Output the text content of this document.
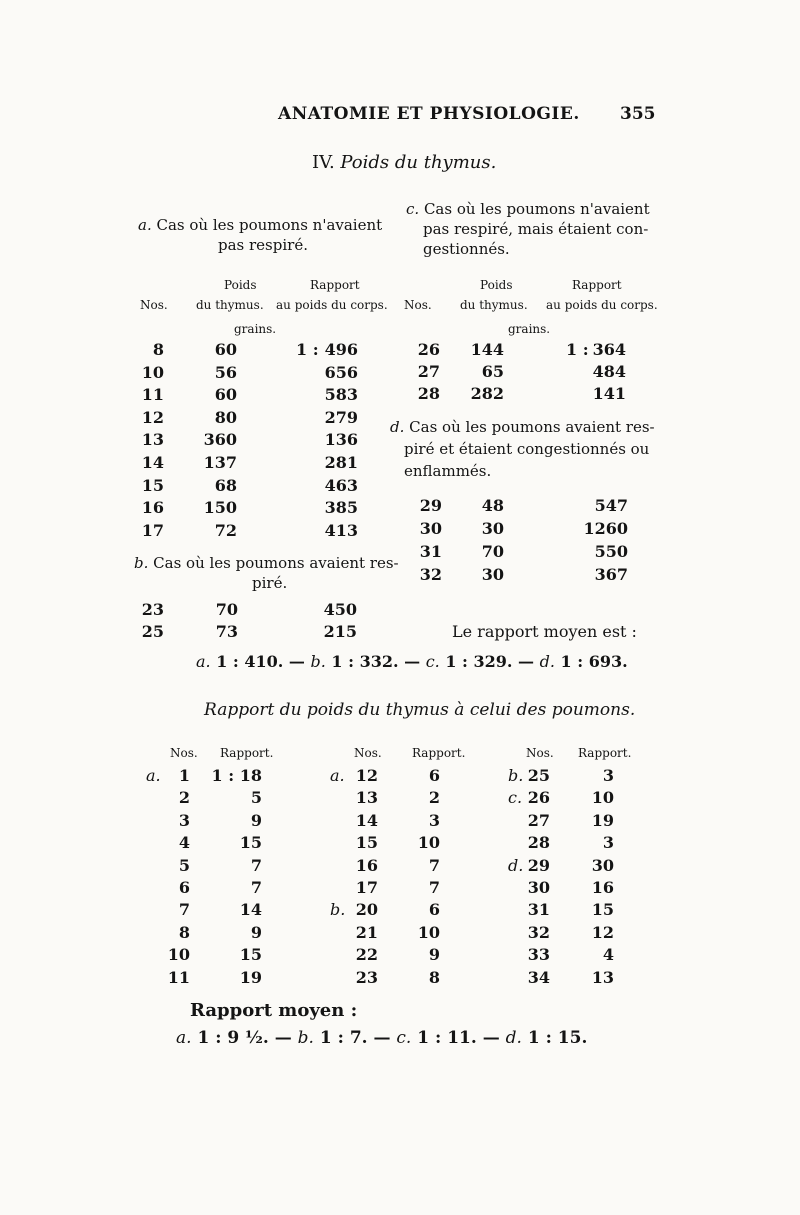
ANATOMIE ET PHYSIOLOGIE. 355
IV. Poids du thymus.
a. Cas où les poumons n'avaient
pas respiré.
Poids	Rapport
Nos. du thymus. au poids du corps.
grains.
1 :
8	60	496
10	56	656
11	60	583
12	80	279
13	360	136
14	137	281
15	68	463
16	150	385
17	72	413
b. Cas où les poumons avaient res-
piré.
23	70	450
25	73	215
c. Cas où les poumons n'avaient
pas respiré, mais étaient con-
gestionnés.
Poids	Rapport
Nos. du thymus. au poids du corps.
grains.
1 :
26	144	364
27	65	484
28	282	141
d. Cas où les poumons avaient res-
piré et étaient congestionnés ou
enflammés.
29	48	547
30	30	1260
31	70	550
32	30	367
Le rapport moyen est :
a. 1 : 410. — b. 1 : 332. — c. 1 : 329. — d. 1 : 693.
Rapport du poids du thymus à celui des poumons.
Nos. Rapport.	Nos.	Rapport.	Nos. Rapport.
a.	1	1 : 18
2	5
3	9
4	15
5	7
6	7
7	14
8	9
10	15
11	19
a. 12	6
13	2
14	3
15	10
16	7
17	7
b. 20	6
21	10
22	9
23	8
b. 25	3
c. 26	10
27	19
28	3
d. 29	30
30	16
31	15
32	12
33	4
34	13
Rapport moyen :
a. 1 : 9 ½. — b. 1 : 7. — c. 1 : 11. — d. 1 : 15.
